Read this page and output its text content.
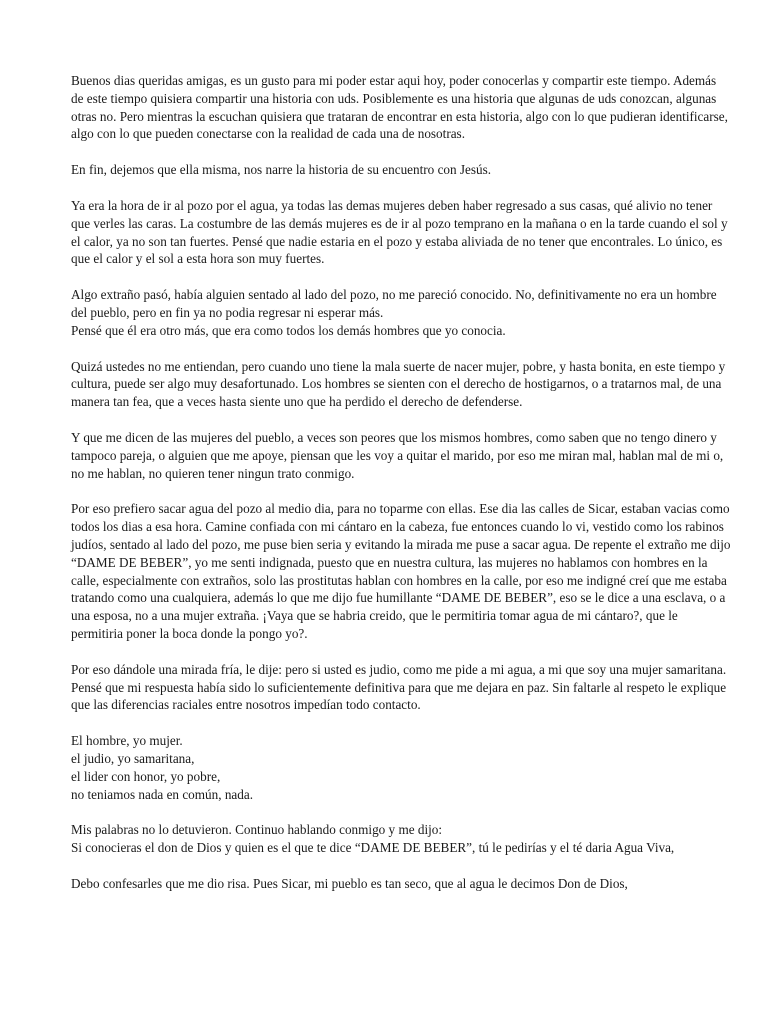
Buenos dias queridas amigas, es un gusto para mi poder estar aqui hoy, poder conocerlas y compartir este tiempo. Además de este tiempo quisiera compartir una historia con uds. Posiblemente es una historia que algunas de uds conozcan, algunas otras no. Pero mientras la escuchan quisiera que trataran de encontrar en esta historia, algo con lo que pudieran identificarse, algo con lo que pueden conectarse con la realidad de cada una de nosotras.

En fin, dejemos que ella misma, nos narre la historia de su encuentro con Jesús.

Ya era la hora de ir al pozo por el agua, ya todas las demas mujeres deben haber regresado a sus casas, qué alivio no tener que verles las caras. La costumbre de las demás mujeres es de ir al pozo temprano en la mañana o en la tarde cuando el sol y el calor, ya no son tan fuertes. Pensé que nadie estaria en el pozo y estaba aliviada de no tener que encontrales. Lo único, es que el calor y el sol a esta hora son muy fuertes.

Algo extraño pasó, había alguien sentado al lado del pozo, no me pareció conocido. No, definitivamente no era un hombre del pueblo, pero en fin ya no podia regresar ni esperar más.
Pensé que él era otro más, que era como todos los demás hombres que yo conocia.

Quizá ustedes no me entiendan, pero cuando uno tiene la mala suerte de nacer mujer, pobre, y hasta bonita, en este tiempo y cultura, puede ser algo muy desafortunado. Los hombres se sienten con el derecho de hostigarnos, o a tratarnos mal, de una manera tan fea, que a veces hasta siente uno que ha perdido el derecho de defenderse.

Y que me dicen de las mujeres del pueblo, a veces son peores que los mismos hombres, como saben que no tengo dinero y tampoco pareja, o alguien que me apoye, piensan que les voy a quitar el marido, por eso me miran mal, hablan mal de mi o, no me hablan, no quieren tener ningun trato conmigo.

Por eso prefiero sacar agua del pozo al medio dia, para no toparme con ellas. Ese dia las calles de Sicar, estaban vacias como todos los dias a esa hora. Camine confiada con mi cántaro en la cabeza, fue entonces cuando lo vi, vestido como los rabinos judíos, sentado al lado del pozo, me puse bien seria y evitando la mirada me puse a sacar agua. De repente el extraño me dijo “DAME DE BEBER”, yo me senti indignada, puesto que en nuestra cultura, las mujeres no hablamos con hombres en la calle, especialmente con extraños, solo las prostitutas hablan con hombres en la calle, por eso me indigné creí que me estaba tratando como una cualquiera, además lo que me dijo fue humillante “DAME DE BEBER”, eso se le dice a una esclava, o a una esposa, no a una mujer extraña. ¡Vaya que se habria creido, que le permitiria tomar agua de mi cántaro?, que le permitiria poner la boca donde la pongo yo?.

Por eso dándole una mirada fría, le dije: pero si usted es judio, como me pide a mi agua, a mi que soy una mujer samaritana. Pensé que mi respuesta había sido lo suficientemente definitiva para que me dejara en paz. Sin faltarle al respeto le explique que las diferencias raciales entre nosotros impedían todo contacto.

El hombre, yo mujer.
el judio, yo samaritana,
el lider con honor, yo pobre,
no teniamos nada en común, nada.

Mis palabras no lo detuvieron. Continuo hablando conmigo y me dijo:
Si conocieras el don de Dios y quien es el que te dice “DAME DE BEBER”, tú le pedirías y el té daria Agua Viva,

Debo confesarles que me dio risa. Pues Sicar, mi pueblo es tan seco, que al agua le decimos Don de Dios,
